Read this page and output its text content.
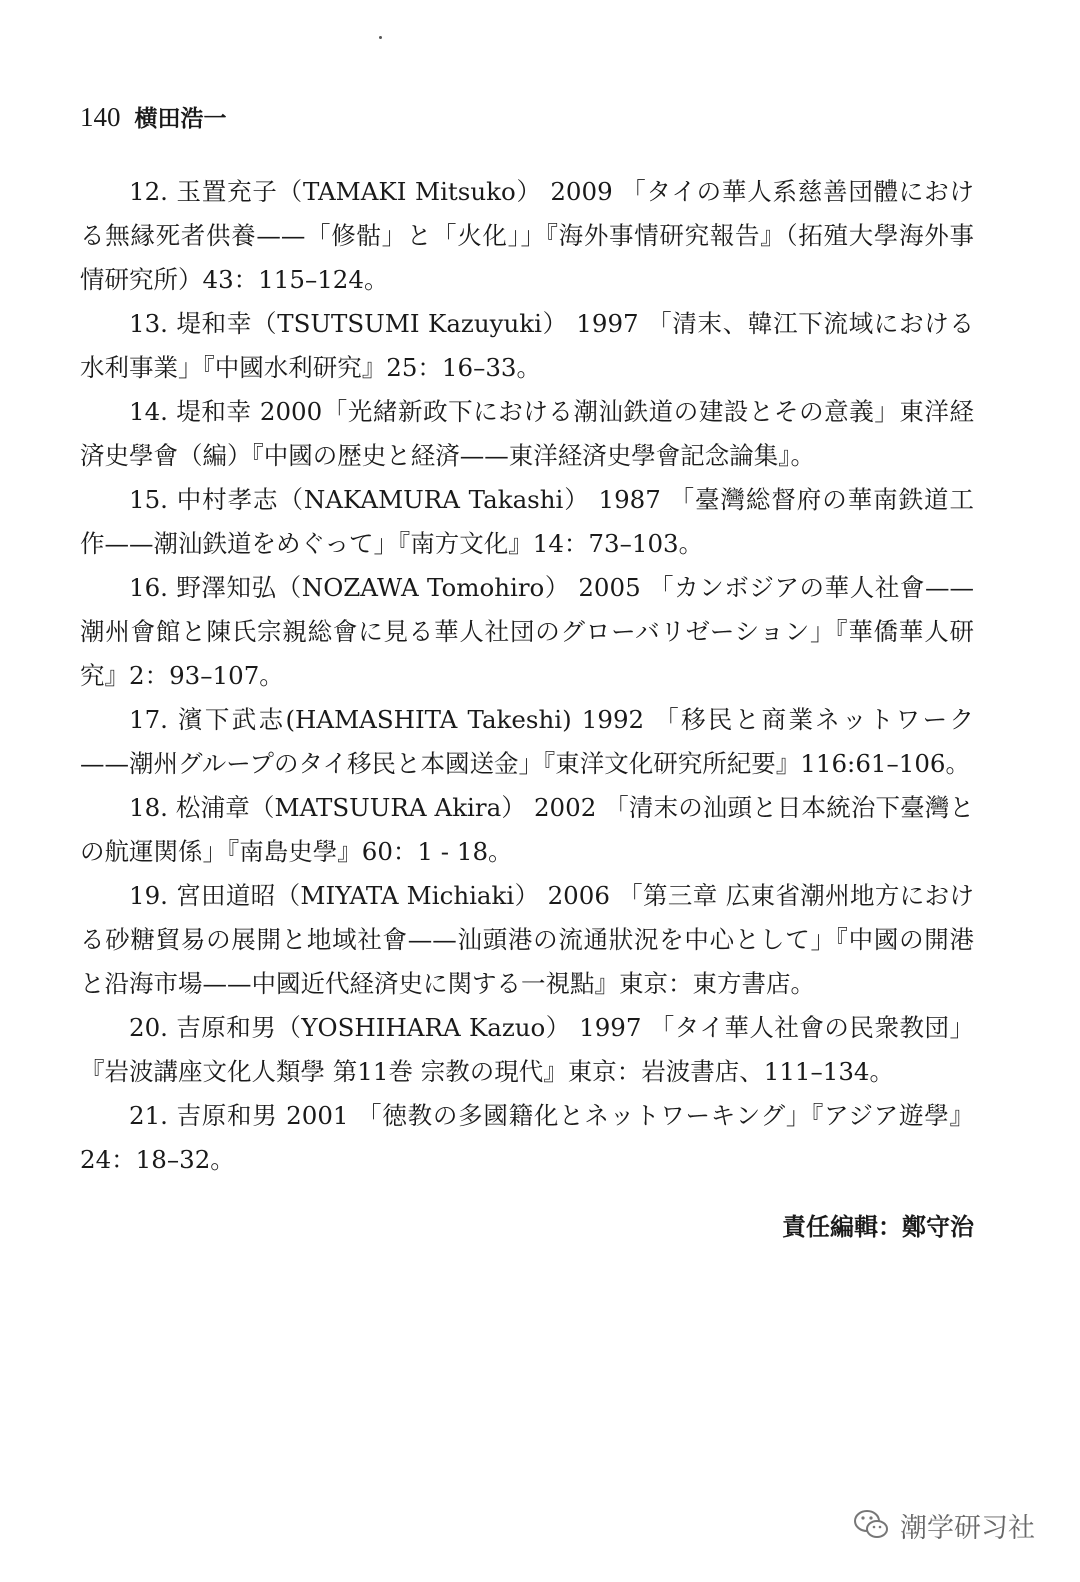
140 横田浩一

12. 玉置充子（TAMAKI Mitsuko） 2009 「タイの華人系慈善団體における無縁死者供養——「修骷」と「火化」」『海外事情研究報告』（拓殖大學海外事情研究所）43：115–124。

13. 堤和幸（TSUTSUMI Kazuyuki） 1997 「清末、韓江下流域における水利事業」『中國水利研究』25：16–33。

14. 堤和幸 2000「光緒新政下における潮汕鉄道の建設とその意義」東洋経済史學會（編）『中國の歴史と経済——東洋経済史學會記念論集』。

15. 中村孝志（NAKAMURA Takashi） 1987 「臺灣総督府の華南鉄道工作——潮汕鉄道をめぐって」『南方文化』14：73–103。

16. 野澤知弘（NOZAWA Tomohiro） 2005 「カンボジアの華人社會——潮州會館と陳氏宗親総會に見る華人社団のグローバリゼーション」『華僑華人研究』2：93–107。

17. 濱下武志(HAMASHITA Takeshi) 1992 「移民と商業ネットワーク——潮州グループのタイ移民と本國送金」『東洋文化研究所紀要』116:61–106。

18. 松浦章（MATSUURA Akira） 2002 「清末の汕頭と日本統治下臺灣との航運関係」『南島史學』60：1 - 18。

19. 宮田道昭（MIYATA Michiaki） 2006 「第三章 広東省潮州地方における砂糖貿易の展開と地域社會——汕頭港の流通狀況を中心として」『中國の開港と沿海市場——中國近代経済史に関する一視點』東京：東方書店。

20. 吉原和男（YOSHIHARA Kazuo） 1997 「タイ華人社會の民衆教団」『岩波講座文化人類學 第11巻 宗教の現代』東京：岩波書店、111–134。

21. 吉原和男 2001 「徳教の多國籍化とネットワーキング」『アジア遊學』24：18–32。

責任編輯：鄭守治
潮学研习社
